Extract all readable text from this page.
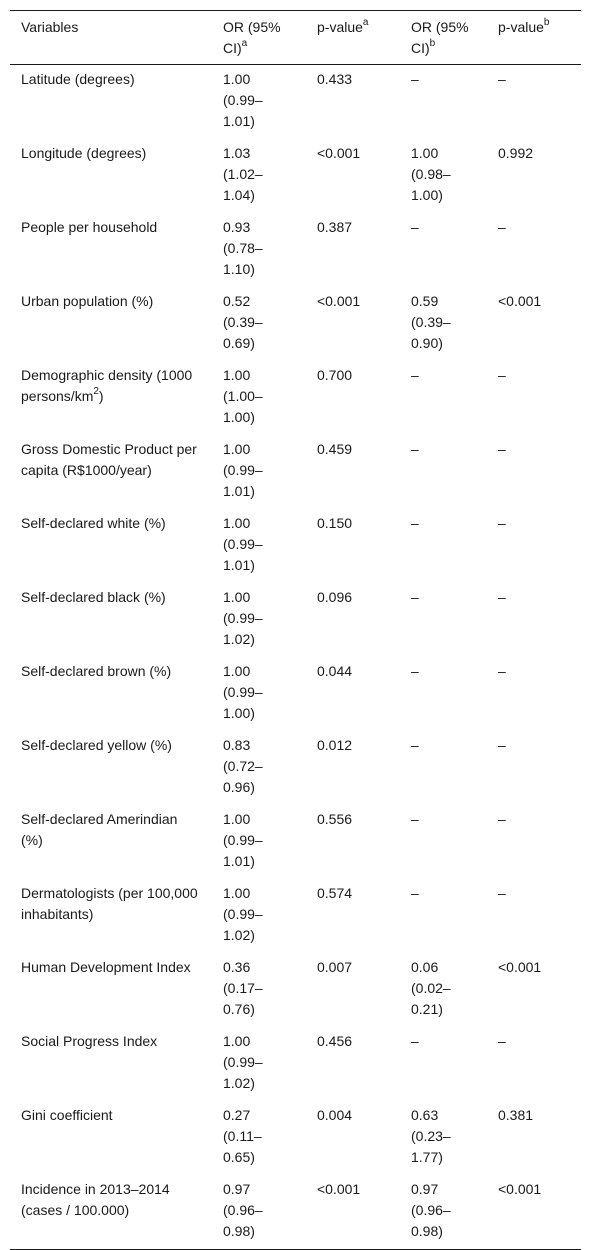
Variables	OR (95% CI)$^a$	p-value$^a$	OR (95% CI)$^b$	p-value$^b$
Latitude (degrees)	1.00 (0.99–1.01)	0.433	–	–
Longitude (degrees)	1.03 (1.02–1.04)	<0.001	1.00 (0.98–1.00)	0.992
People per household	0.93 (0.78–1.10)	0.387	–	–
Urban population (%)	0.52 (0.39–0.69)	<0.001	0.59 (0.39–0.90)	<0.001
Demographic density (1000 persons/$km^2$)	1.00 (1.00–1.00)	0.700	–	–
Gross Domestic Product per capita (R$1000/year)	1.00 (0.99–1.01)	0.459	–	–
Self-declared white (%)	1.00 (0.99–1.01)	0.150	–	–
Self-declared black (%)	1.00 (0.99–1.02)	0.096	–	–
Self-declared brown (%)	1.00 (0.99–1.00)	0.044	–	–
Self-declared yellow (%)	0.83 (0.72–0.96)	0.012	–	–
Self-declared Amerindian (%)	1.00 (0.99–1.01)	0.556	–	–
Dermatologists (per 100,000 inhabitants)	1.00 (0.99–1.02)	0.574	–	–
Human Development Index	0.36 (0.17–0.76)	0.007	0.06 (0.02–0.21)	<0.001
Social Progress Index	1.00 (0.99–1.02)	0.456	–	–
Gini coefficient	0.27 (0.11–0.65)	0.004	0.63 (0.23–1.77)	0.381
Incidence in 2013–2014 (cases / 100.000)	0.97 (0.96–0.98)	<0.001	0.97 (0.96–0.98)	<0.001
